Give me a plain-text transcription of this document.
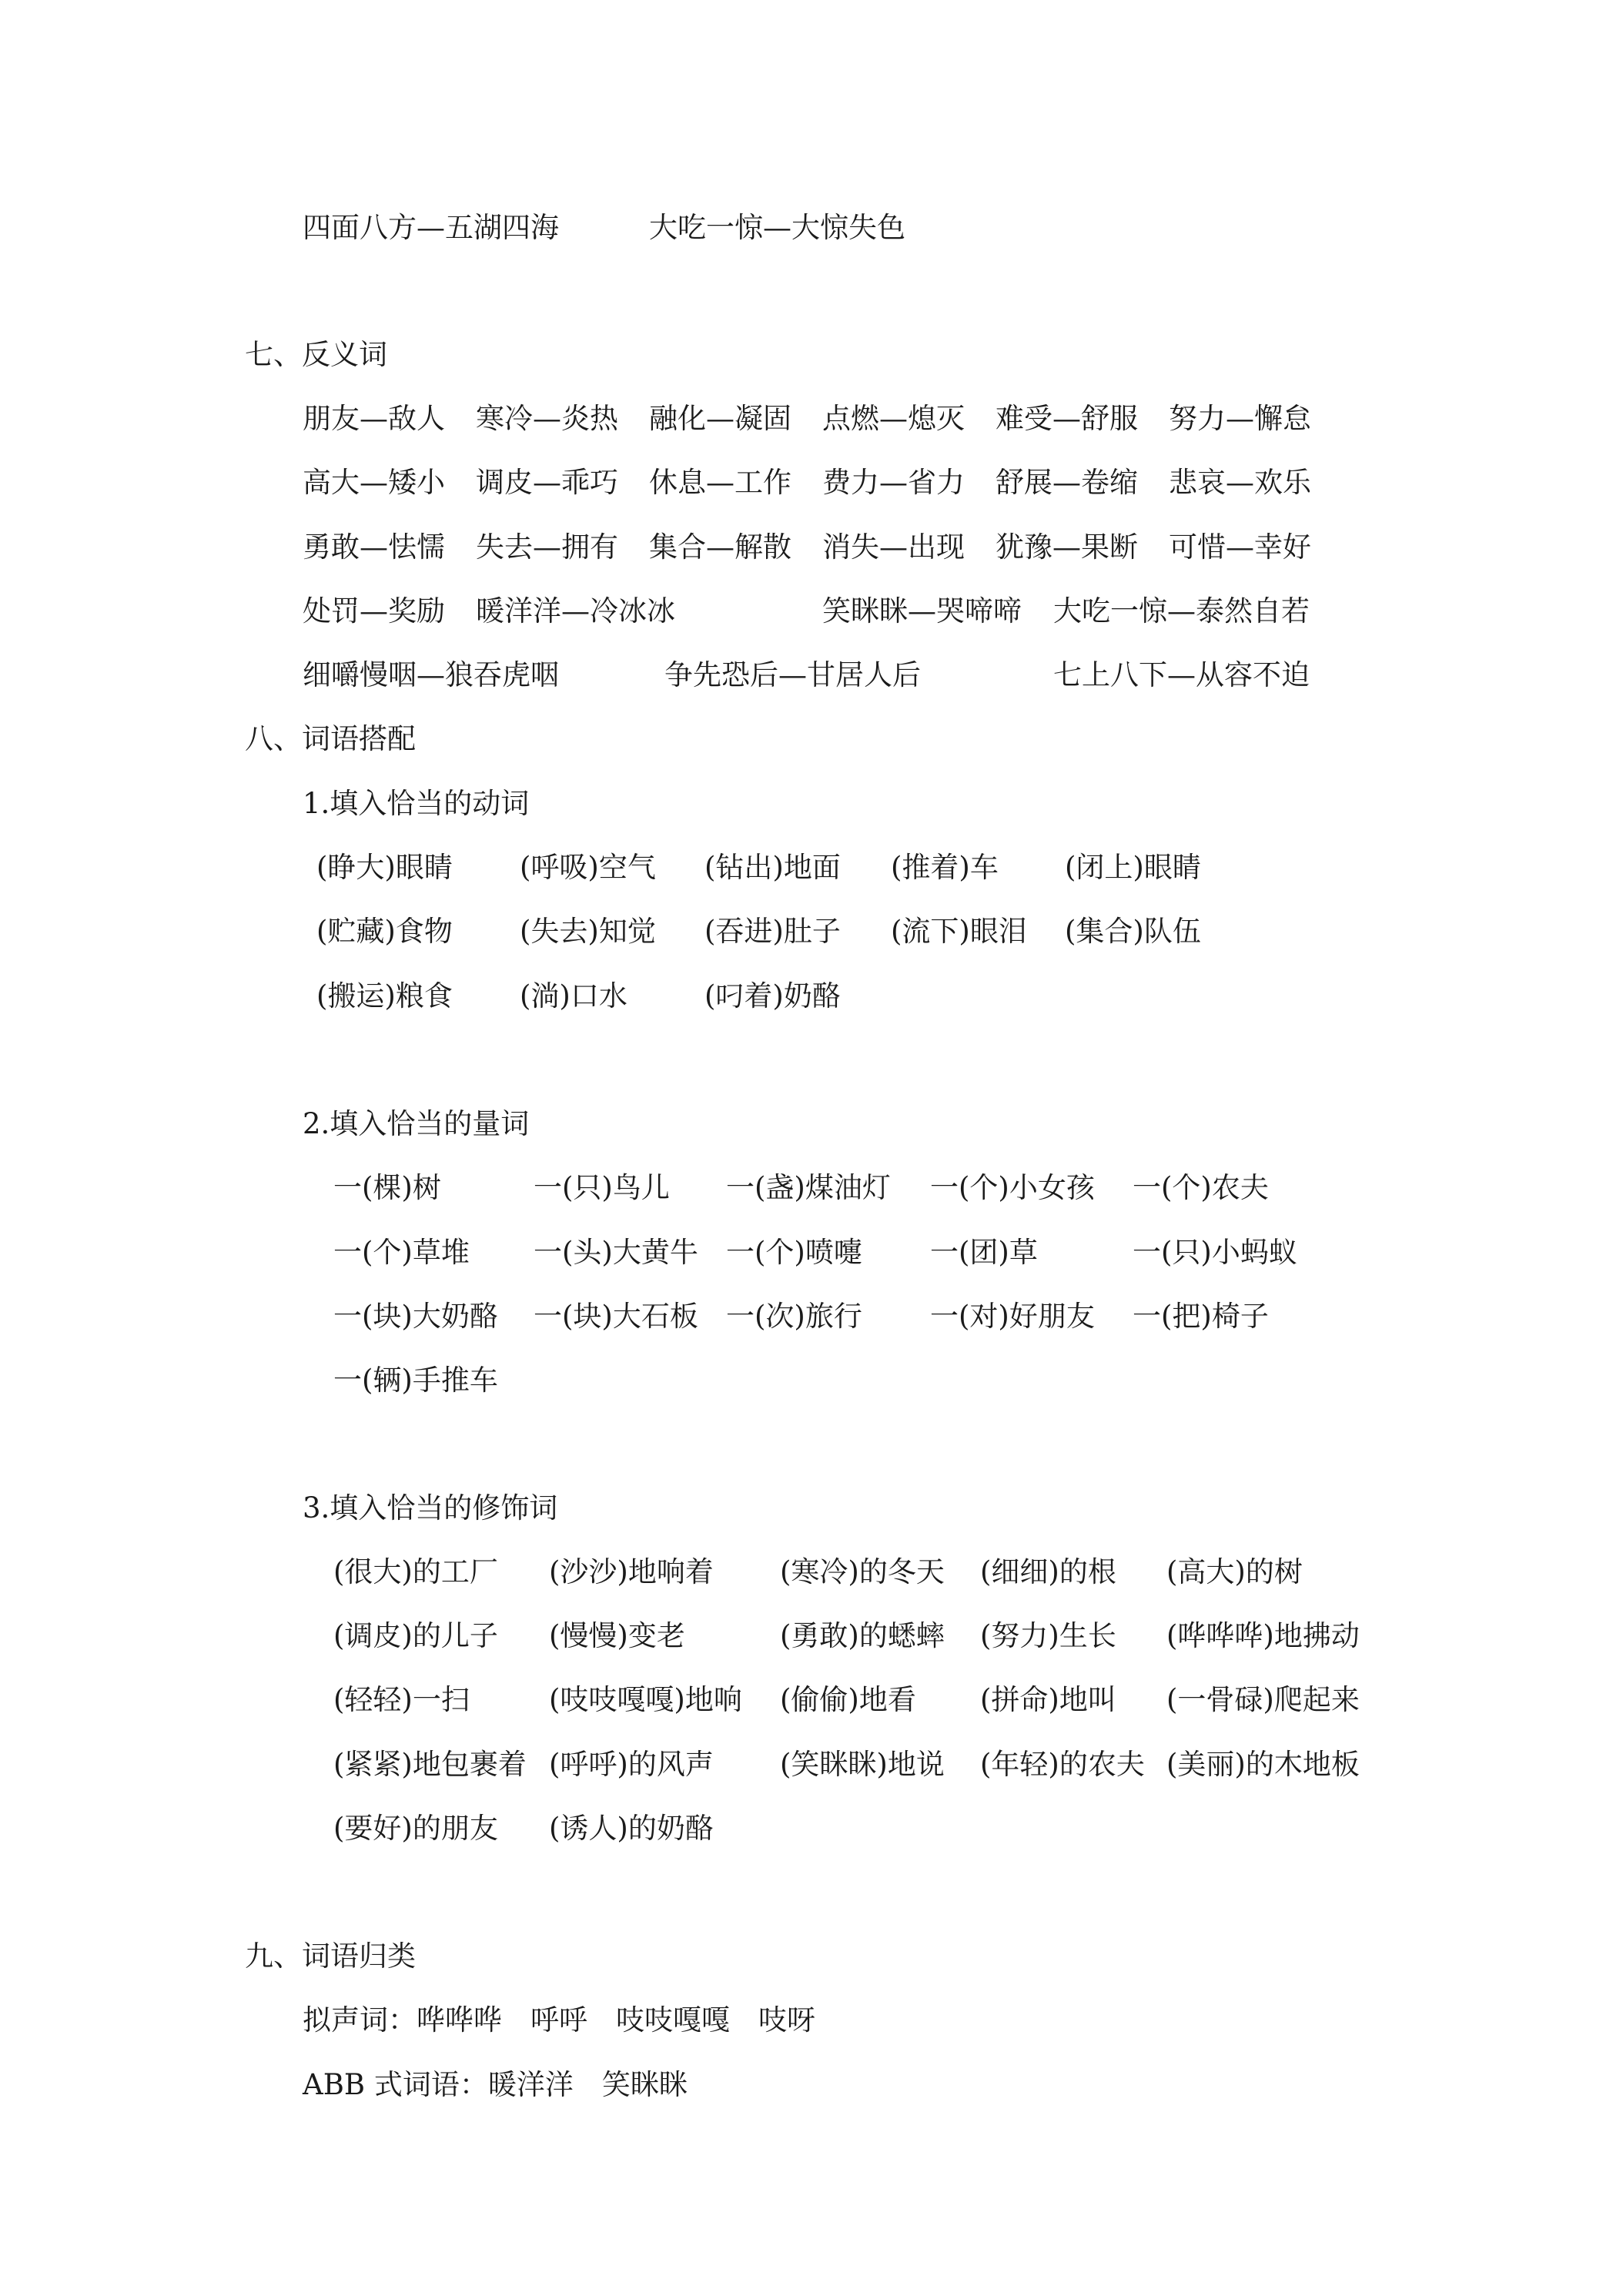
四面八方—五湖四海	大吃一惊—大惊失色
七、反义词
朋友—敌人 寒冷—炎热 融化—凝固 点燃—熄灭 难受—舒服 努力—懈怠
高大—矮小 调皮—乖巧 休息—工作 费力—省力 舒展—卷缩 悲哀—欢乐
勇敢—怯懦 失去—拥有 集合—解散 消失—出现 犹豫—果断 可惜—幸好
处罚—奖励 暖洋洋—冷冰冰	笑眯眯—哭啼啼 大吃一惊—泰然自若
细嚼慢咽—狼吞虎咽	争先恐后—甘居人后	七上八下—从容不迫
八、词语搭配
1.填入恰当的动词
(睁大)眼睛 (呼吸)空气 (钻出)地面 (推着)车 (闭上)眼睛
(贮藏)食物 (失去)知觉 (吞进)肚子 (流下)眼泪 (集合)队伍
(搬运)粮食 (淌)口水	(叼着)奶酪
2.填入恰当的量词
一(棵)树	一(只)鸟儿 一(盏)煤油灯 一(个)小女孩 一(个)农夫
一(个)草堆 一(头)大黄牛 一(个)喷嚏 一(团)草	一(只)小蚂蚁
一(块)大奶酪 一(块)大石板 一(次)旅行 一(对)好朋友 一(把)椅子
一(辆)手推车
3.填入恰当的修饰词
(很大)的工厂 (沙沙)地响着 (寒冷)的冬天 (细细)的根 (高大)的树
(调皮)的儿子 (慢慢)变老	(勇敢)的蟋蟀 (努力)生长 (哗哗哗)地拂动
(轻轻)一扫	(吱吱嘎嘎)地响 (偷偷)地看 (拼命)地叫 (一骨碌)爬起来
(紧紧)地包裹着 (呼呼)的风声 (笑眯眯)地说 (年轻)的农夫 (美丽)的木地板
(要好)的朋友 (诱人)的奶酪
九、词语归类
拟声词：哗哗哗　呼呼　吱吱嘎嘎　吱呀
ABB 式词语：暖洋洋　笑眯眯
